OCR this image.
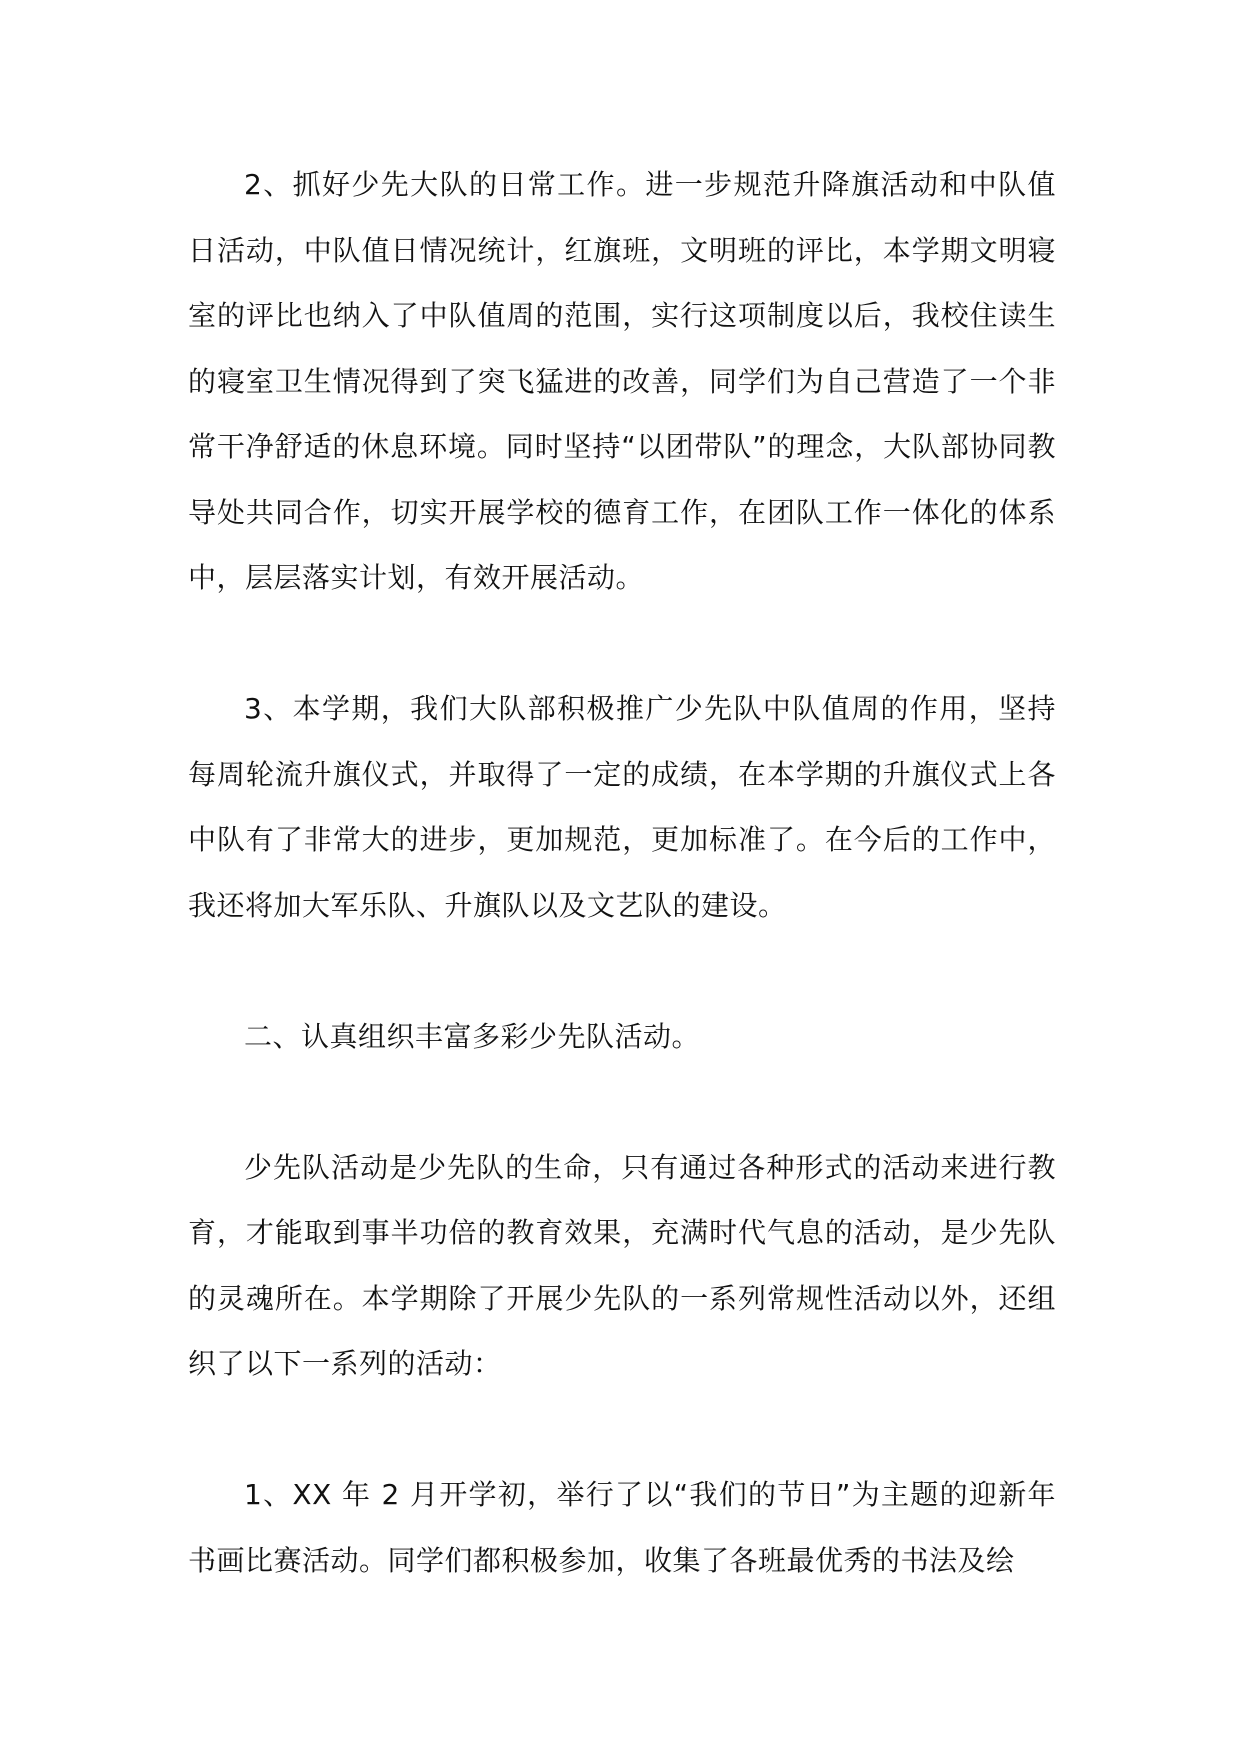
2、抓好少先大队的日常工作。进一步规范升降旗活动和中队值日活动，中队值日情况统计，红旗班，文明班的评比，本学期文明寝室的评比也纳入了中队值周的范围，实行这项制度以后，我校住读生的寝室卫生情况得到了突飞猛进的改善，同学们为自己营造了一个非常干净舒适的休息环境。同时坚持“以团带队”的理念，大队部协同教导处共同合作，切实开展学校的德育工作，在团队工作一体化的体系中，层层落实计划，有效开展活动。

3、本学期，我们大队部积极推广少先队中队值周的作用，坚持每周轮流升旗仪式，并取得了一定的成绩，在本学期的升旗仪式上各中队有了非常大的进步，更加规范，更加标准了。在今后的工作中，我还将加大军乐队、升旗队以及文艺队的建设。

二、认真组织丰富多彩少先队活动。

少先队活动是少先队的生命，只有通过各种形式的活动来进行教育，才能取到事半功倍的教育效果，充满时代气息的活动，是少先队的灵魂所在。本学期除了开展少先队的一系列常规性活动以外，还组织了以下一系列的活动：

1、XX 年 2 月开学初，举行了以“我们的节日”为主题的迎新年书画比赛活动。同学们都积极参加，收集了各班最优秀的书法及绘
